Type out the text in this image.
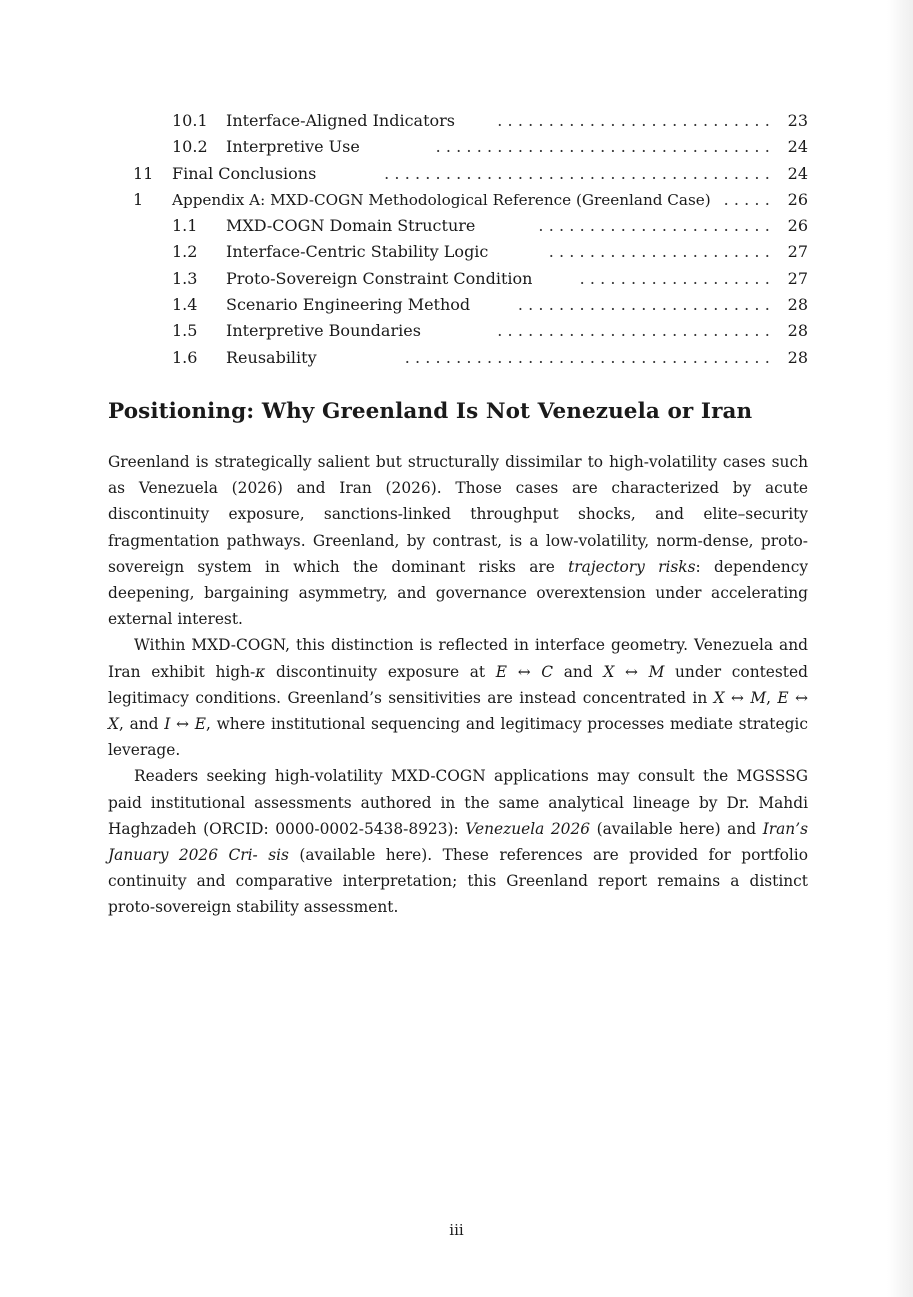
10.1 Interface-Aligned Indicators	........................... 23
10.2 Interpretive Use	................................. 24
11 Final Conclusions	...................................... 24
1 Appendix A: MXD-COGN Methodological Reference (Greenland Case) ..... 26
1.1 MXD-COGN Domain Structure	....................... 26
1.2 Interface-Centric Stability Logic	...................... 27
1.3 Proto-Sovereign Constraint Condition	................... 27
1.4 Scenario Engineering Method	......................... 28
1.5 Interpretive Boundaries	........................... 28
1.6 Reusability	.................................... 28
Positioning: Why Greenland Is Not Venezuela or Iran

Greenland is strategically salient but structurally dissimilar to high-volatility cases such as Venezuela (2026) and Iran (2026). Those cases are characterized by acute discontinuity exposure, sanctions-linked throughput shocks, and elite–security fragmentation pathways. Greenland, by contrast, is a low-volatility, norm-dense, proto-sovereign system in which the dominant risks are trajectory risks: dependency deepening, bargaining asymmetry, and governance overextension under accelerating external interest.

Within MXD-COGN, this distinction is reflected in interface geometry. Venezuela and Iran exhibit high-κ discontinuity exposure at E ↔ C and X ↔ M under contested legitimacy conditions. Greenland’s sensitivities are instead concentrated in X ↔ M, E ↔ X, and I ↔ E, where institutional sequencing and legitimacy processes mediate strategic leverage.

Readers seeking high-volatility MXD-COGN applications may consult the MGSSSG paid institutional assessments authored in the same analytical lineage by Dr. Mahdi Haghzadeh (ORCID: 0000-0002-5438-8923): Venezuela 2026 (available here) and Iran’s January 2026 Cri- sis (available here). These references are provided for portfolio continuity and comparative interpretation; this Greenland report remains a distinct proto-sovereign stability assessment.

iii
